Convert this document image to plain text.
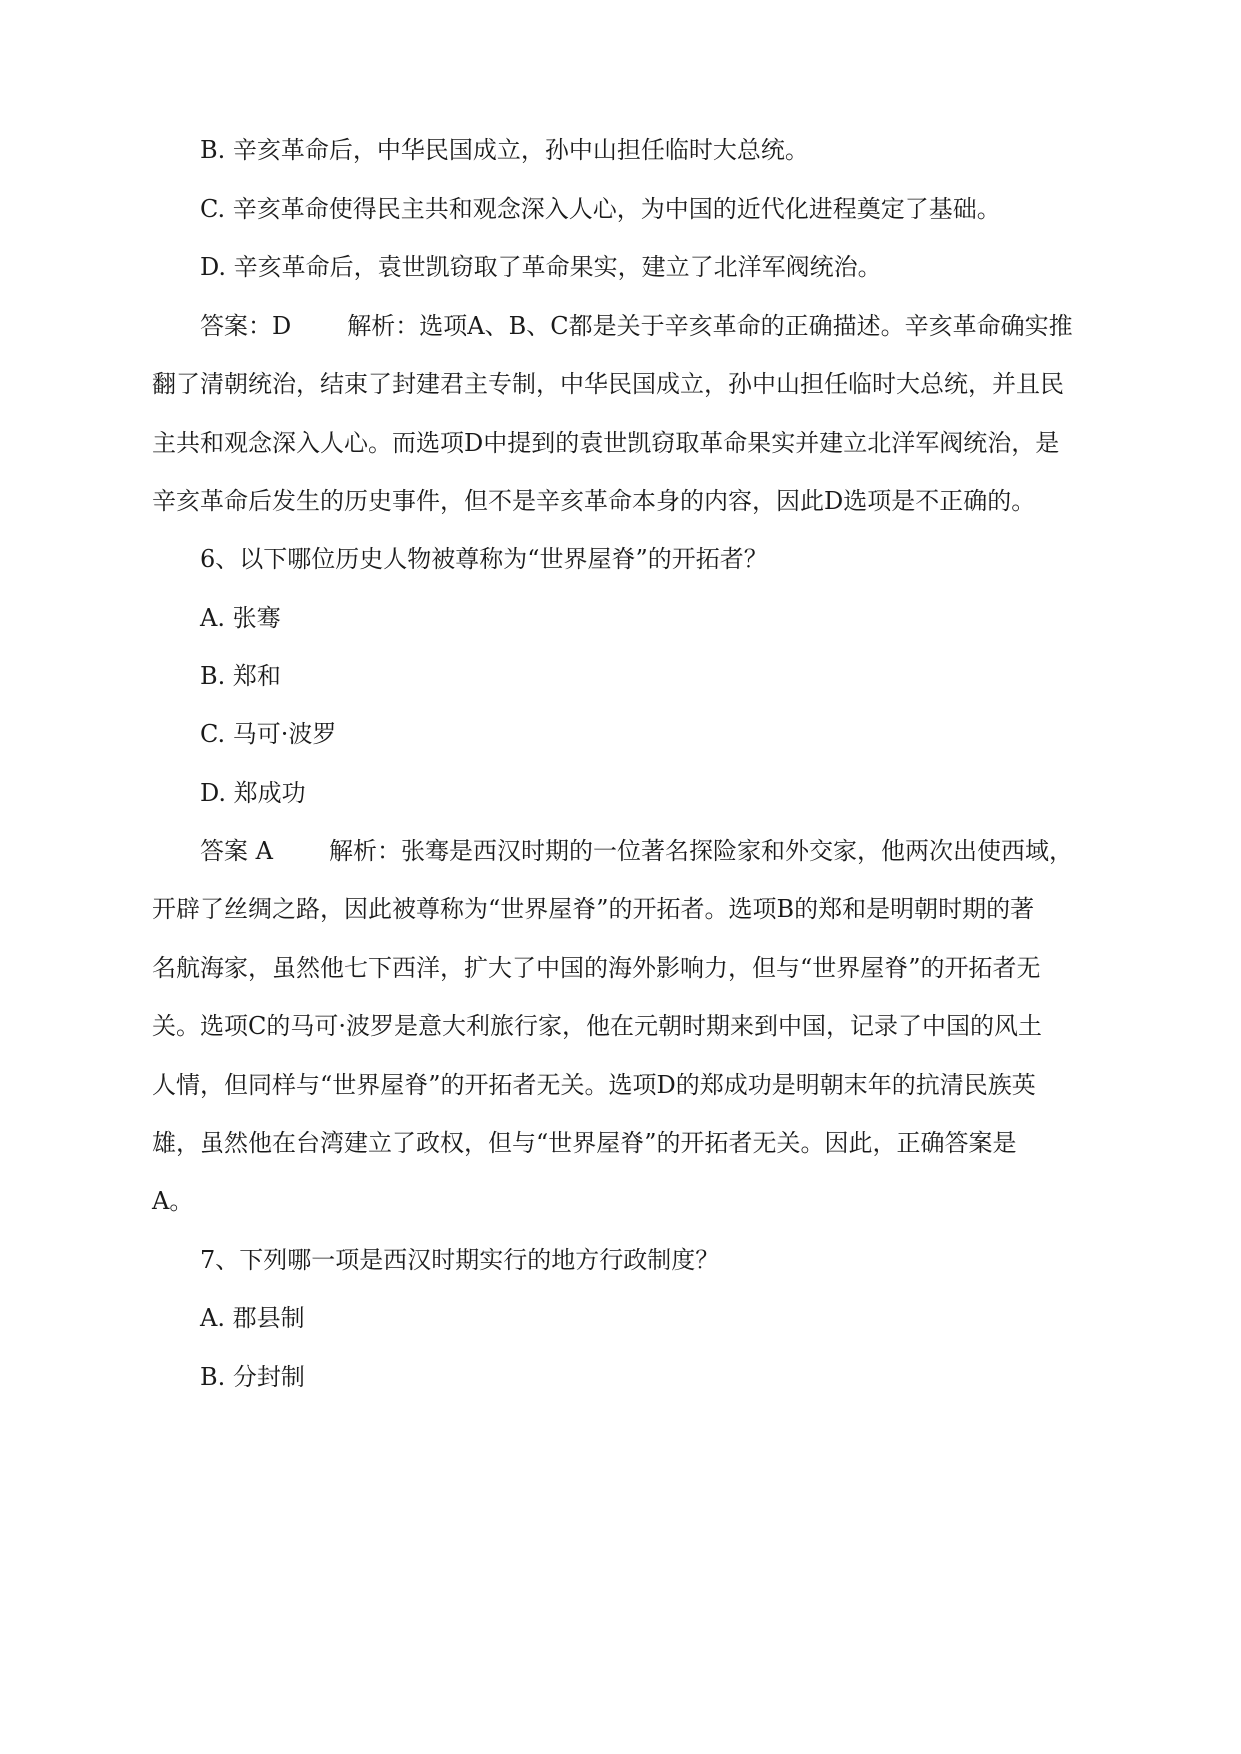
B. 辛亥革命后，中华民国成立，孙中山担任临时大总统。
C. 辛亥革命使得民主共和观念深入人心，为中国的近代化进程奠定了基础。
D. 辛亥革命后，袁世凯窃取了革命果实，建立了北洋军阀统治。
答案：D 解析：选项A、B、C都是关于辛亥革命的正确描述。辛亥革命确实推
翻了清朝统治，结束了封建君主专制，中华民国成立，孙中山担任临时大总统，并且民
主共和观念深入人心。而选项D中提到的袁世凯窃取革命果实并建立北洋军阀统治，是
辛亥革命后发生的历史事件，但不是辛亥革命本身的内容，因此D选项是不正确的。
6、以下哪位历史人物被尊称为“世界屋脊”的开拓者？
A. 张骞
B. 郑和
C. 马可·波罗
D. 郑成功
答案 A 解析：张骞是西汉时期的一位著名探险家和外交家，他两次出使西域，
开辟了丝绸之路，因此被尊称为“世界屋脊”的开拓者。选项B的郑和是明朝时期的著
名航海家，虽然他七下西洋，扩大了中国的海外影响力，但与“世界屋脊”的开拓者无
关。选项C的马可·波罗是意大利旅行家，他在元朝时期来到中国，记录了中国的风土
人情，但同样与“世界屋脊”的开拓者无关。选项D的郑成功是明朝末年的抗清民族英
雄，虽然他在台湾建立了政权，但与“世界屋脊”的开拓者无关。因此，正确答案是
A。
7、下列哪一项是西汉时期实行的地方行政制度？
A. 郡县制
B. 分封制
